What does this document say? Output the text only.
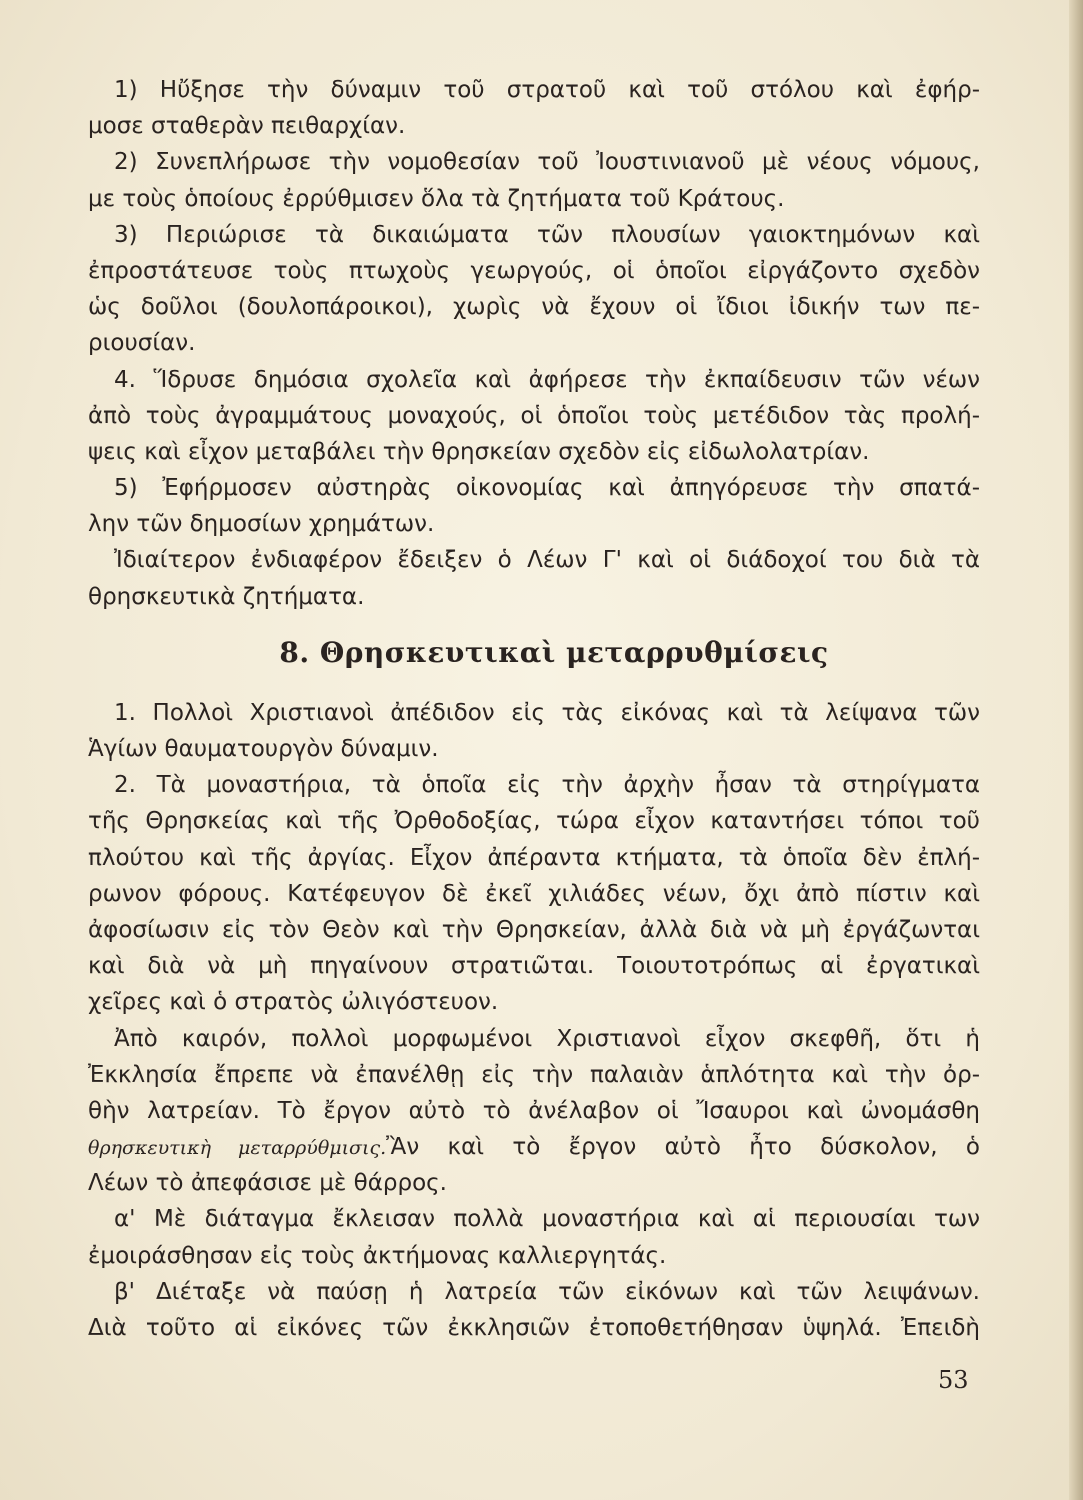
1) Ηὔξησε τὴν δύναμιν τοῦ στρατοῦ καὶ τοῦ στόλου καὶ ἐφήρ-
μοσε σταθερὰν πειθαρχίαν.
2) Συνεπλήρωσε τὴν νομοθεσίαν τοῦ Ἰουστινιανοῦ μὲ νέους νόμους,
με τοὺς ὁποίους ἐρρύθμισεν ὅλα τὰ ζητήματα τοῦ Κράτους.
3) Περιώρισε τὰ δικαιώματα τῶν πλουσίων γαιοκτημόνων καὶ
ἐπροστάτευσε τοὺς πτωχοὺς γεωργούς, οἱ ὁποῖοι εἰργάζοντο σχεδὸν
ὡς δοῦλοι (δουλοπάροικοι), χωρὶς νὰ ἔχουν οἱ ἴδιοι ἰδικήν των πε-
ριουσίαν.
4. Ἵδρυσε δημόσια σχολεῖα καὶ ἀφήρεσε τὴν ἐκπαίδευσιν τῶν νέων
ἀπὸ τοὺς ἀγραμμάτους μοναχούς, οἱ ὁποῖοι τοὺς μετέδιδον τὰς προλή-
ψεις καὶ εἶχον μεταβάλει τὴν θρησκείαν σχεδὸν εἰς εἰδωλολατρίαν.
5) Ἐφήρμοσεν αὐστηρὰς οἰκονομίας καὶ ἀπηγόρευσε τὴν σπατά-
λην τῶν δημοσίων χρημάτων.
Ἰδιαίτερον ἐνδιαφέρον ἔδειξεν ὁ Λέων Γ' καὶ οἱ διάδοχοί του διὰ τὰ
θρησκευτικὰ ζητήματα.
8. Θρησκευτικαὶ μεταρρυθμίσεις
1. Πολλοὶ Χριστιανοὶ ἀπέδιδον εἰς τὰς εἰκόνας καὶ τὰ λείψανα τῶν
Ἁγίων θαυματουργὸν δύναμιν.
2. Τὰ μοναστήρια, τὰ ὁποῖα εἰς τὴν ἀρχὴν ἦσαν τὰ στηρίγματα
τῆς Θρησκείας καὶ τῆς Ὀρθοδοξίας, τώρα εἶχον καταντήσει τόποι τοῦ
πλούτου καὶ τῆς ἀργίας. Εἶχον ἀπέραντα κτήματα, τὰ ὁποῖα δὲν ἐπλή-
ρωνον φόρους. Κατέφευγον δὲ ἐκεῖ χιλιάδες νέων, ὄχι ἀπὸ πίστιν καὶ
ἀφοσίωσιν εἰς τὸν Θεὸν καὶ τὴν Θρησκείαν, ἀλλὰ διὰ νὰ μὴ ἐργάζωνται
καὶ διὰ νὰ μὴ πηγαίνουν στρατιῶται. Τοιουτοτρόπως αἱ ἐργατικαὶ
χεῖρες καὶ ὁ στρατὸς ὠλιγόστευον.
Ἀπὸ καιρόν, πολλοὶ μορφωμένοι Χριστιανοὶ εἶχον σκεφθῆ, ὅτι ἡ
Ἐκκλησία ἔπρεπε νὰ ἐπανέλθῃ εἰς τὴν παλαιὰν ἁπλότητα καὶ τὴν ὀρ-
θὴν λατρείαν. Τὸ ἔργον αὐτὸ τὸ ἀνέλαβον οἱ Ἴσαυροι καὶ ὠνομάσθη
θρησκευτικὴ μεταρρύθμισις.Ἂν καὶ τὸ ἔργον αὐτὸ ἦτο δύσκολον, ὁ
Λέων τὸ ἀπεφάσισε μὲ θάρρος.
α' Μὲ διάταγμα ἔκλεισαν πολλὰ μοναστήρια καὶ αἱ περιουσίαι των
ἐμοιράσθησαν εἰς τοὺς ἀκτήμονας καλλιεργητάς.
β' Διέταξε νὰ παύσῃ ἡ λατρεία τῶν εἰκόνων καὶ τῶν λειψάνων.
Διὰ τοῦτο αἱ εἰκόνες τῶν ἐκκλησιῶν ἐτοποθετήθησαν ὑψηλά. Ἐπειδὴ
53
